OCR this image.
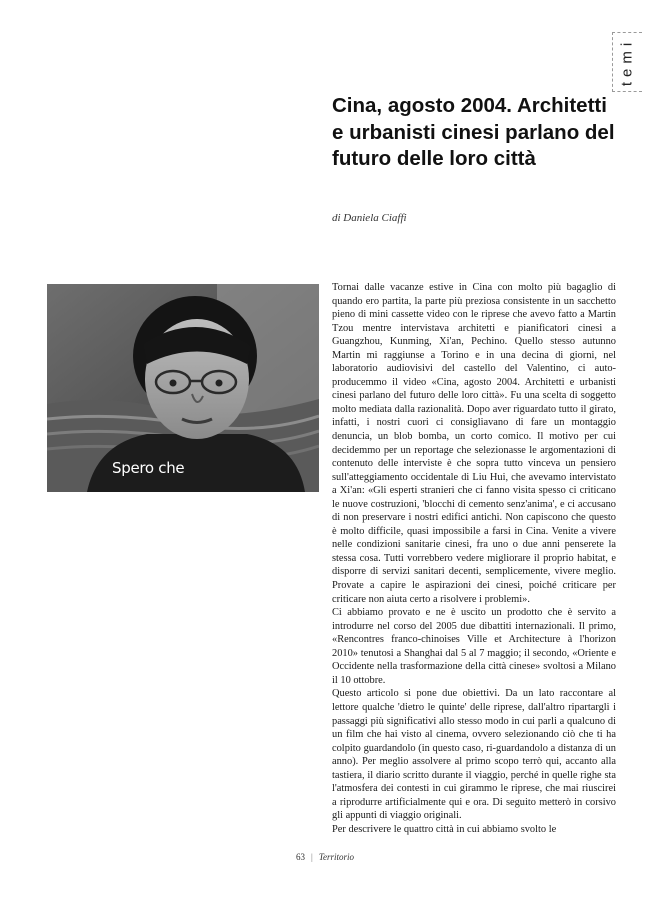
temi
Cina, agosto 2004. Architetti e urbanisti cinesi parlano del futuro delle loro città
di Daniela Ciaffi
Spero che

Tornai dalle vacanze estive in Cina con molto più bagaglio di quando ero partita, la parte più preziosa consistente in un sacchetto pieno di mini cassette video con le riprese che avevo fatto a Martin Tzou mentre intervistava architetti e pianificatori cinesi a Guangzhou, Kunming, Xi'an, Pechino. Quello stesso autunno Martin mi raggiunse a Torino e in una decina di giorni, nel laboratorio audiovisivi del castello del Valentino, ci auto-producemmo il video «Cina, agosto 2004. Architetti e urbanisti cinesi parlano del futuro delle loro città». Fu una scelta di soggetto molto mediata dalla razionalità. Dopo aver riguardato tutto il girato, infatti, i nostri cuori ci consigliavano di fare un montaggio denuncia, un blob bomba, un corto comico. Il motivo per cui decidemmo per un reportage che selezionasse le argomentazioni di contenuto delle interviste è che sopra tutto vinceva un pensiero sull'atteggiamento occidentale di Liu Hui, che avevamo intervistato a Xi'an: «Gli esperti stranieri che ci fanno visita spesso ci criticano le nuove costruzioni, 'blocchi di cemento senz'anima', e ci accusano di non preservare i nostri edifici antichi. Non capiscono che questo è molto difficile, quasi impossibile a farsi in Cina. Venite a vivere nelle condizioni sanitarie cinesi, fra uno o due anni penserete la stessa cosa. Tutti vorrebbero vedere migliorare il proprio habitat, e disporre di servizi sanitari decenti, semplicemente, vivere meglio. Provate a capire le aspirazioni dei cinesi, poiché criticare per criticare non aiuta certo a risolvere i problemi».

Ci abbiamo provato e ne è uscito un prodotto che è servito a introdurre nel corso del 2005 due dibattiti internazionali. Il primo, «Rencontres franco-chinoises Ville et Architecture à l'horizon 2010» tenutosi a Shanghai dal 5 al 7 maggio; il secondo, «Oriente e Occidente nella trasformazione della città cinese» svoltosi a Milano il 10 ottobre.

Questo articolo si pone due obiettivi. Da un lato raccontare al lettore qualche 'dietro le quinte' delle riprese, dall'altro ripartargli i passaggi più significativi allo stesso modo in cui parli a qualcuno di un film che hai visto al cinema, ovvero selezionando ciò che ti ha colpito guardandolo (in questo caso, ri-guardandolo a distanza di un anno). Per meglio assolvere al primo scopo terrò qui, accanto alla tastiera, il diario scritto durante il viaggio, perché in quelle righe sta l'atmosfera dei contesti in cui girammo le riprese, che mai riuscirei a riprodurre artificialmente qui e ora. Di seguito metterò in corsivo gli appunti di viaggio originali.

Per descrivere le quattro città in cui abbiamo svolto le

63 | Territorio
